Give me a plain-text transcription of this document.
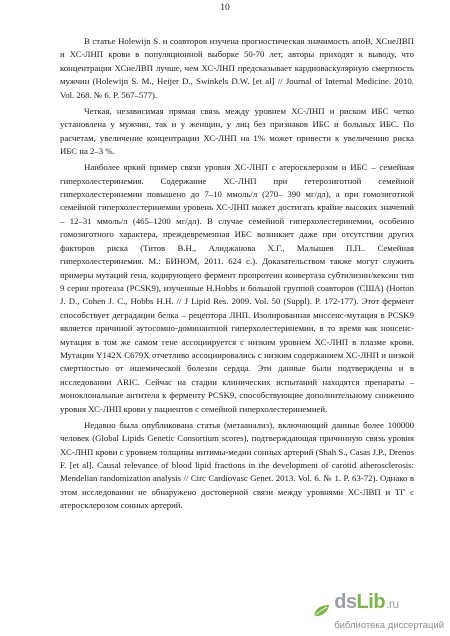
10

В статье Holewijn S. и соавторов изучена прогностическая значимость апоB, ХСнеЛВП и ХС-ЛНП крови в популяционной выборке 50-70 лет, авторы приходят к выводу, что концентрация ХСнеЛВП лучше, чем ХС-ЛНП предсказывает кардиоваскулярную смертность мужчин (Holewijn S. M., Heijer D., Swinkels D.W. [et al] // Journal of Internal Medicine. 2010. Vol. 268. № 6. P. 567–577).

Четкая, независимая прямая связь между уровнем ХС-ЛНП и риском ИБС четко установлена у мужчин, так и у женщин, у лиц без признаков ИБС и больных ИБС. По расчетам, увеличение концентрации ХС-ЛНП на 1% может привести к увеличению риска ИБС на 2–3 %.

Наиболее яркий пример связи уровня ХС-ЛНП с атеросклерозом и ИБС – семейная гиперхолестеринемия. Содержание ХС-ЛНП при гетерозиготной семейной гиперхолестеринемии повышено до 7–10 ммоль/л (270– 390 мг/дл), а при гомозиготной семейной гиперхолестеринемии уровень ХС-ЛНП может достигать крайне высоких значений – 12–31 ммоль/л (465–1200 мг/дл). В случае семейной гиперхолестеринемии, особенно гомозиготного характера, преждевременная ИБС возникает даже при отсутствии других факторов риска (Титов В.Н., Алиджанова Х.Г., Малышев П.П.. Семейная гиперхолестеринемия. М.: БИНОМ, 2011. 624 с.). Доказательством также могут служить примеры мутаций гена, кодирующего фермент пропротеин конвертаза субтилизин/кексин тип 9 серин протеаза (PCSK9), изученные H.Hobbs и большой группой соавторов (США) (Horton J. D., Cohen J. C., Hobbs H.H. // J Lipid Res. 2009. Vol. 50 (Suppl). P. 172-177). Этот фермент способствует деградации белка – рецептора ЛНП. Изолированная миссенс-мутация в PCSK9 является причиной аутосомно-доминантной гиперхолестеринемии, в то время как нонсенс-мутация в том же самом гене ассоциируется с низким уровнем ХС-ЛНП в плазме крови. Мутации Y142X C679X отчетливо ассоциировались с низким содержанием ХС-ЛНП и низкой смертностью от ишемической болезни сердца. Эти данные были подтверждены и в исследовании ARIC. Сейчас на стадии клинических испытаний находятся препараты – моноклональные антитела к ферменту PCSK9, способствующие дополнительному снижению уровня ХС-ЛНП крови у пациентов с семейной гиперхолестеринемией.

Недавно была опубликована статья (метаанализ), включающий данные более 100000 человек (Global Lipids Genetic Consortium scores), подтверждающая причинную связь уровня ХС-ЛНП крови с уровнем толщины интимы-медии сонных артерий (Shah S., Casas J.P., Drenos F. [et al]. Causal relevance of blood lipid fractions in the development of carotid atherosclerosis: Mendelian randomization analysis // Circ Cardiovasc Genet. 2013. Vol. 6. № 1. P. 63-72). Однако в этом исследовании не обнаружено достоверной связи между уровнями ХС-ЛВП и ТГ с атеросклерозом сонных артерий.

ds Lib .ru
библиотека диссертаций
